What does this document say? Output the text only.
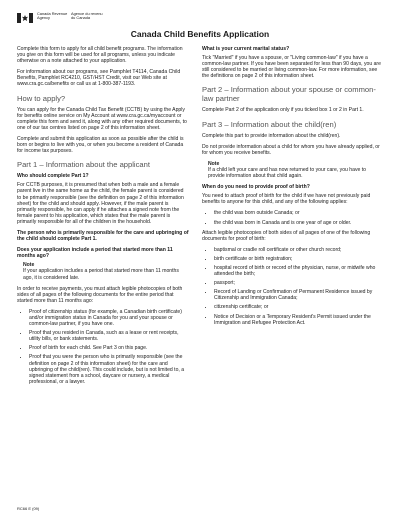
Canada Revenue Agency
Agence du revenu du Canada
Canada Child Benefits Application

Complete this form to apply for all child benefit programs. The information you give on this form will be used for all programs, unless you indicate otherwise on a note attached to your application.

For information about our programs, see Pamphlet T4114, Canada Child Benefits, Pamphlet RC4210, GST/HST Credit, visit our Web site at www.cra.gc.ca/benefits or call us at 1-800-387-1193.

How to apply?

You can apply for the Canada Child Tax Benefit (CCTB) by using the Apply for benefits online service on My Account at www.cra.gc.ca/myaccount or complete this form and send it, along with any other required documents, to one of our tax centres listed on page 2 of this information sheet.

Complete and submit this application as soon as possible after the child is born or begins to live with you, or when you become a resident of Canada for income tax purposes.

Part 1 – Information about the applicant
Who should complete Part 1?

For CCTB purposes, it is presumed that when both a male and a female parent live in the same home as the child, the female parent is considered to be primarily responsible (see the definition on page 2 of this information sheet) for the child and should apply. However, if the male parent is primarily responsible, he can apply if he attaches a signed note from the female parent to his application, which states that the male parent is primarily responsible for all of the children in the household.

The person who is primarily responsible for the care and upbringing of the child should complete Part 1.

Does your application include a period that started more than 11 months ago?
Note

If your application includes a period that started more than 11 months ago, it is considered late.

In order to receive payments, you must attach legible photocopies of both sides of all pages of the following documents for the entire period that started more than 11 months ago:

• Proof of citizenship status (for example, a Canadian birth certificate) and/or immigration status in Canada for you and your spouse or common-law partner, if you have one.
• Proof that you resided in Canada, such as a lease or rent receipts, utility bills, or bank statements.
• Proof of birth for each child. See Part 3 on this page.
• Proof that you were the person who is primarily responsible (see the definition on page 2 of this information sheet) for the care and upbringing of the child(ren). This could include, but is not limited to, a signed statement from a school, daycare or nursery, a medical professional, or a lawyer.
What is your current marital status?

Tick "Married" if you have a spouse, or "Living common-law" if you have a common-law partner. If you have been separated for less than 90 days, you are still considered to be married or living common-law. For more information, see the definitions on page 2 of this information sheet.

Part 2 – Information about your spouse or common-law partner

Complete Part 2 of the application only if you ticked box 1 or 2 in Part 1.

Part 3 – Information about the child(ren)

Complete this part to provide information about the child(ren).

Do not provide information about a child for whom you have already applied, or for whom you receive benefits.

Note

If a child left your care and has now returned to your care, you have to provide information about that child again.

When do you need to provide proof of birth?

You need to attach proof of birth for the child if we have not previously paid benefits to anyone for this child, and any of the following applies:

• the child was born outside Canada; or
• the child was born in Canada and is one year of age or older.

Attach legible photocopies of both sides of all pages of one of the following documents for proof of birth:

• baptismal or cradle roll certificate or other church record;
• birth certificate or birth registration;
• hospital record of birth or record of the physician, nurse, or midwife who attended the birth;
• passport;
• Record of Landing or Confirmation of Permanent Residence issued by Citizenship and Immigration Canada;
• citizenship certificate; or
• Notice of Decision or a Temporary Resident's Permit issued under the Immigration and Refugee Protection Act.
RC66 E (09)
